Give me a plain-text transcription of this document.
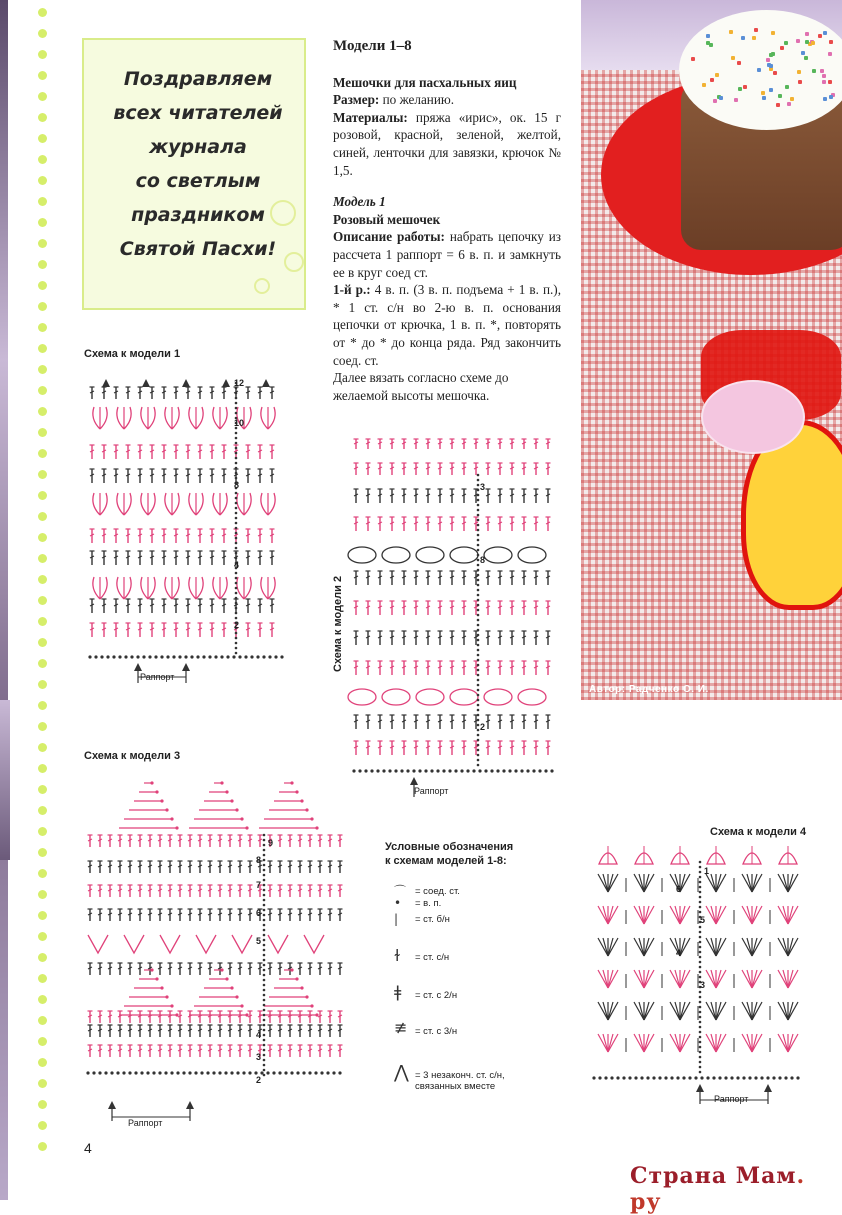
Поздравляем
всех читателей
журнала
со светлым
праздником
Святой Пасхи!

Модели 1–8

Мешочки для пасхальных яиц

Размер: по желанию.

Материалы: пряжа «ирис», ок. 15 г розовой, красной, зеленой, желтой, синей, ленточки для завязки, крючок № 1,5.

Модель 1

Розовый мешочек

Описание работы: набрать цепочку из рассчета 1 раппорт = 6 в. п. и замкнуть ее в круг соед ст.

1-й р.: 4 в. п. (3 в. п. подъема + 1 в. п.), * 1 ст. с/н во 2-ю в. п. основания цепочки от крючка, 1 в. п. *, повторять от * до * до конца ряда. Ряд закончить соед. ст.

Далее вязать согласно схеме до желаемой высоты мешочка.

Автор: Радченко О. И.
Схема к модели 1
Схема к модели 3
Схема к модели 4
Схема к модели 2
Раппорт
Раппорт
Раппорт
Раппорт
12
10
8
4
2
3
8
2
9
8
7
6
5
4
3
2
1
6
5
4
3
Условные обозначения
к схемам моделей 1-8:
⌒ = соед. ст.
• = в. п.
| = ст. б/н
ɫ = ст. с/н
ǂ = ст. с 2/н
≢ = ст. с 3/н
⋀ = 3 незаконч. ст. с/н, связанных вместе
4
Страна Мам. ру
